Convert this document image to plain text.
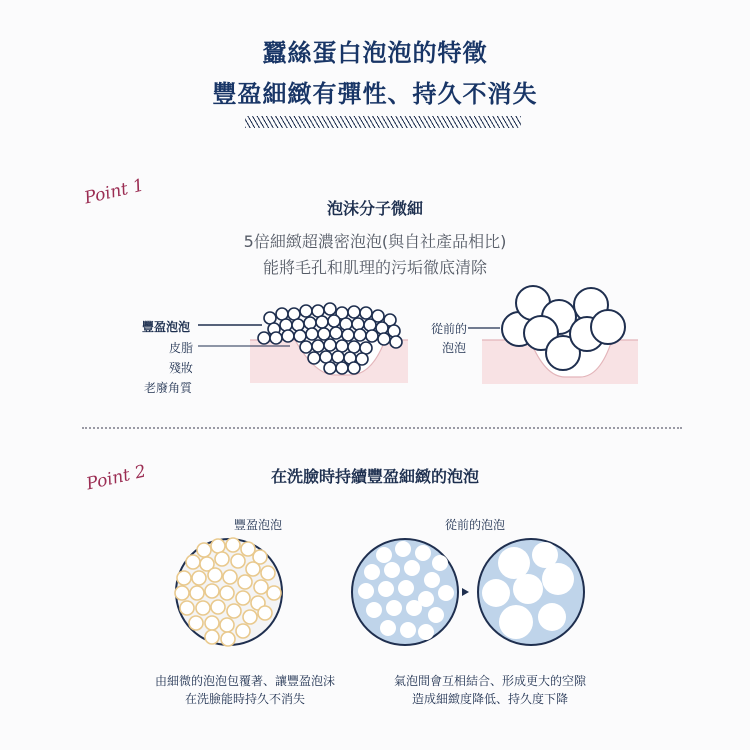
蠶絲蛋白泡泡的特徵
豐盈細緻有彈性、持久不消失
Point 1	泡沫分子微細
5倍細緻超濃密泡泡(與自社產品相比)
能將毛孔和肌理的污垢徹底清除
豐盈泡泡
皮脂
殘妝
老廢角質
從前的
泡泡
Point 2	在洗臉時持續豐盈細緻的泡泡
豐盈泡泡	從前的泡泡
由細微的泡泡包覆著、讓豐盈泡沫
在洗臉能時持久不消失
氣泡間會互相結合、形成更大的空隙
造成細緻度降低、持久度下降
